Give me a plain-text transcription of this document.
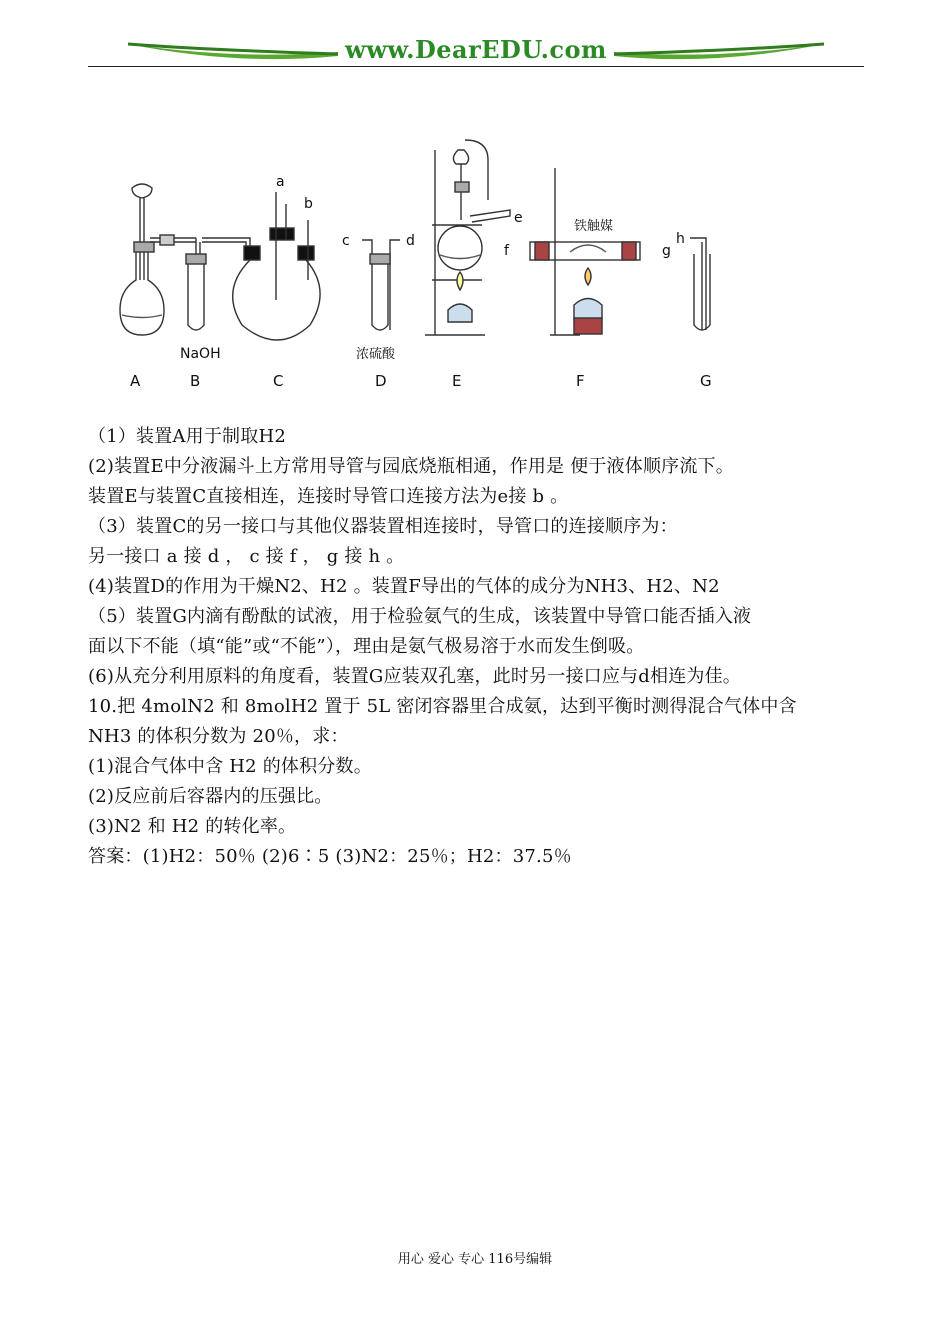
www.DearEDU.com
a
b
c	d
e
f	g
h
NaOH	浓硫酸
铁触媒
A	B	C	D	E	F	G
（1）装置A用于制取H2
(2)装置E中分液漏斗上方常用导管与园底烧瓶相通，作用是 便于液体顺序流下。
装置E与装置C直接相连，连接时导管口连接方法为e接 b 。
（3）装置C的另一接口与其他仪器装置相连接时，导管口的连接顺序为：
另一接口 a 接 d ， c 接 f ， g 接 h 。
(4)装置D的作用为干燥N2、H2 。装置F导出的气体的成分为NH3、H2、N2
（5）装置G内滴有酚酞的试液，用于检验氨气的生成，该装置中导管口能否插入液
面以下不能（填“能”或“不能”），理由是氨气极易溶于水而发生倒吸。
(6)从充分利用原料的角度看，装置G应装双孔塞，此时另一接口应与d相连为佳。
10.把 4molN2 和 8molH2 置于 5L 密闭容器里合成氨，达到平衡时测得混合气体中含
NH3 的体积分数为 20％，求：
(1)混合气体中含 H2 的体积分数。
(2)反应前后容器内的压强比。
(3)N2 和 H2 的转化率。
答案：(1)H2：50％ (2)6∶5 (3)N2：25％；H2：37.5％
用心 爱心 专心 116号编辑
